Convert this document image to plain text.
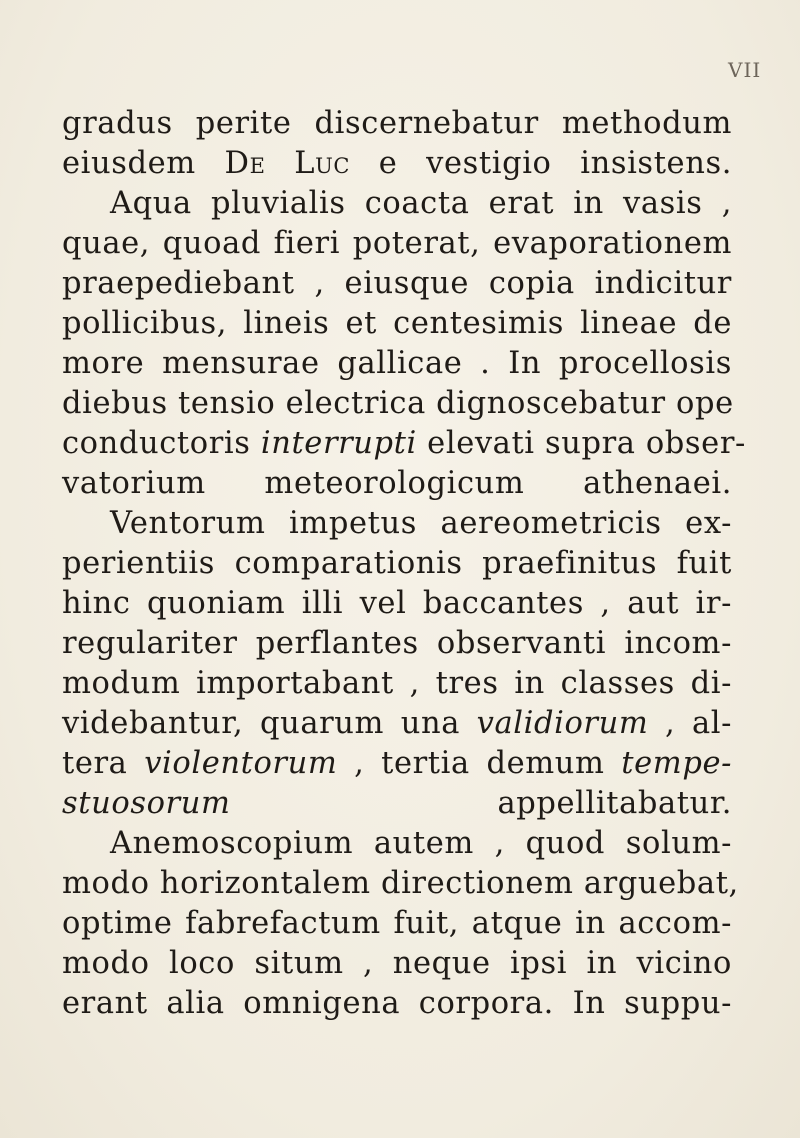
VII
gradus perite discernebatur methodum
eiusdem De Luc e vestigio insistens.
Aqua pluvialis coacta erat in vasis ,
quae, quoad fieri poterat, evaporationem
praepediebant , eiusque copia indicitur
pollicibus, lineis et centesimis lineae de
more mensurae gallicae . In procellosis
diebus tensio electrica dignoscebatur ope
conductoris interrupti elevati supra obser-
vatorium meteorologicum athenaei.
Ventorum impetus aereometricis ex-
perientiis comparationis praefinitus fuit
hinc quoniam illi vel baccantes , aut ir-
regulariter perflantes observanti incom-
modum importabant , tres in classes di-
videbantur, quarum una validiorum , al-
tera violentorum , tertia demum tempe-
stuosorum appellitabatur.
Anemoscopium autem , quod solum-
modo horizontalem directionem arguebat,
optime fabrefactum fuit, atque in accom-
modo loco situm , neque ipsi in vicino
erant alia omnigena corpora. In suppu-
